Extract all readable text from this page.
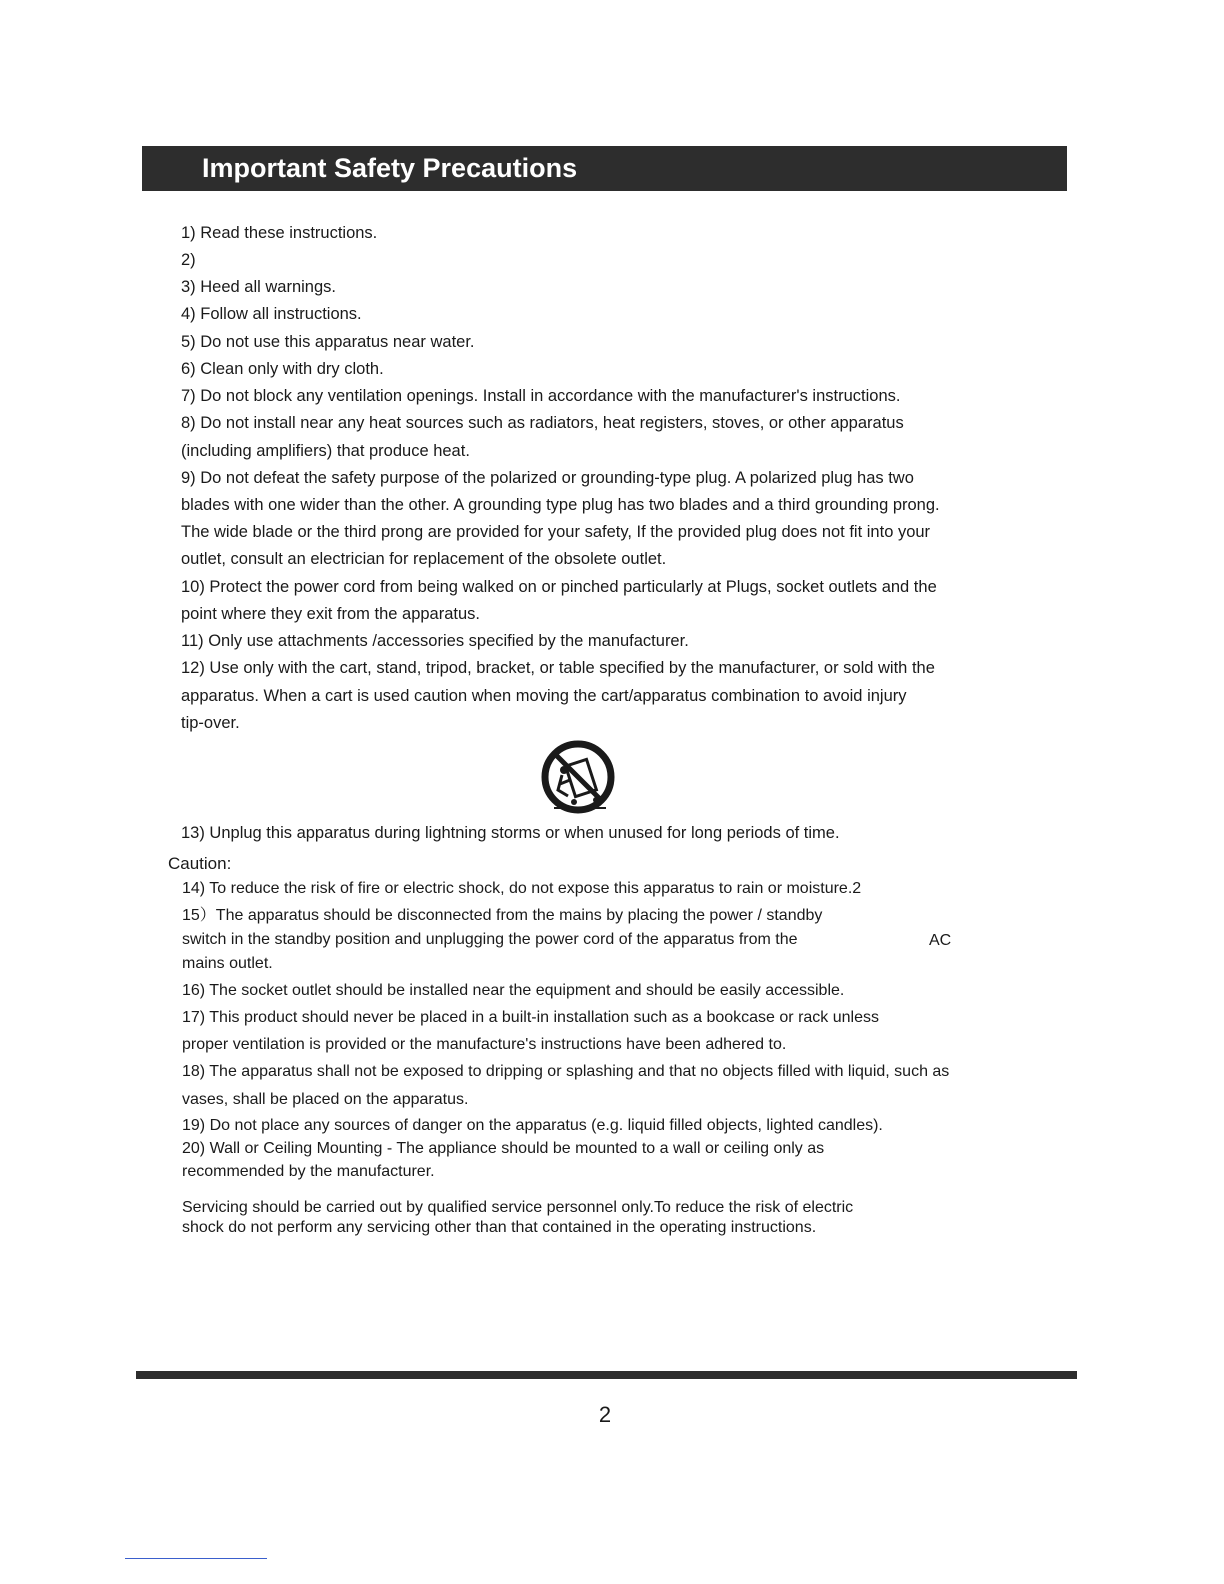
Important Safety Precautions
1) Read these instructions.
2)
3) Heed all warnings.
4) Follow all instructions.
5) Do not use this apparatus near water.
6) Clean only with dry cloth.
7) Do not block any ventilation openings. Install in accordance with the manufacturer's instructions.
8) Do not install near any heat sources such as radiators, heat registers, stoves, or other apparatus
(including amplifiers) that produce heat.
9) Do not defeat the safety purpose of the polarized or grounding-type plug. A polarized plug has two
blades with one wider than the other. A grounding type plug has two blades and a third grounding prong.
The wide blade or the third prong are provided for your safety, If the provided plug does not fit into your
outlet, consult an electrician for replacement of the obsolete outlet.
10) Protect the power cord from being walked on or pinched particularly at Plugs, socket outlets and the
point where they exit from the apparatus.
11) Only use attachments /accessories specified by the manufacturer.
12) Use only with the cart, stand, tripod, bracket, or table specified by the manufacturer, or sold with the
apparatus. When a cart is used caution when moving the cart/apparatus combination to avoid injury
tip-over.
13) Unplug this apparatus during lightning storms or when unused for long periods of time.
Caution:
14) To reduce the risk of fire or electric shock, do not expose this apparatus to rain or moisture.2
15）The apparatus should be disconnected from the mains by placing the power / standby
switch in the standby position and unplugging the power cord of the apparatus from the	AC
mains outlet.
16) The socket outlet should be installed near the equipment and should be easily accessible.
17) This product should never be placed in a built-in installation such as a bookcase or rack unless
proper ventilation is provided or the manufacture's instructions have been adhered to.
18) The apparatus shall not be exposed to dripping or splashing and that no objects filled with liquid, such as
vases, shall be placed on the apparatus.
19) Do not place any sources of danger on the apparatus (e.g. liquid filled objects, lighted candles).
20) Wall or Ceiling Mounting - The appliance should be mounted to a wall or ceiling only as
recommended by the manufacturer.
Servicing should be carried out by qualified service personnel only.To reduce the risk of electric
shock do not perform any servicing other than that contained in the operating instructions.
2
